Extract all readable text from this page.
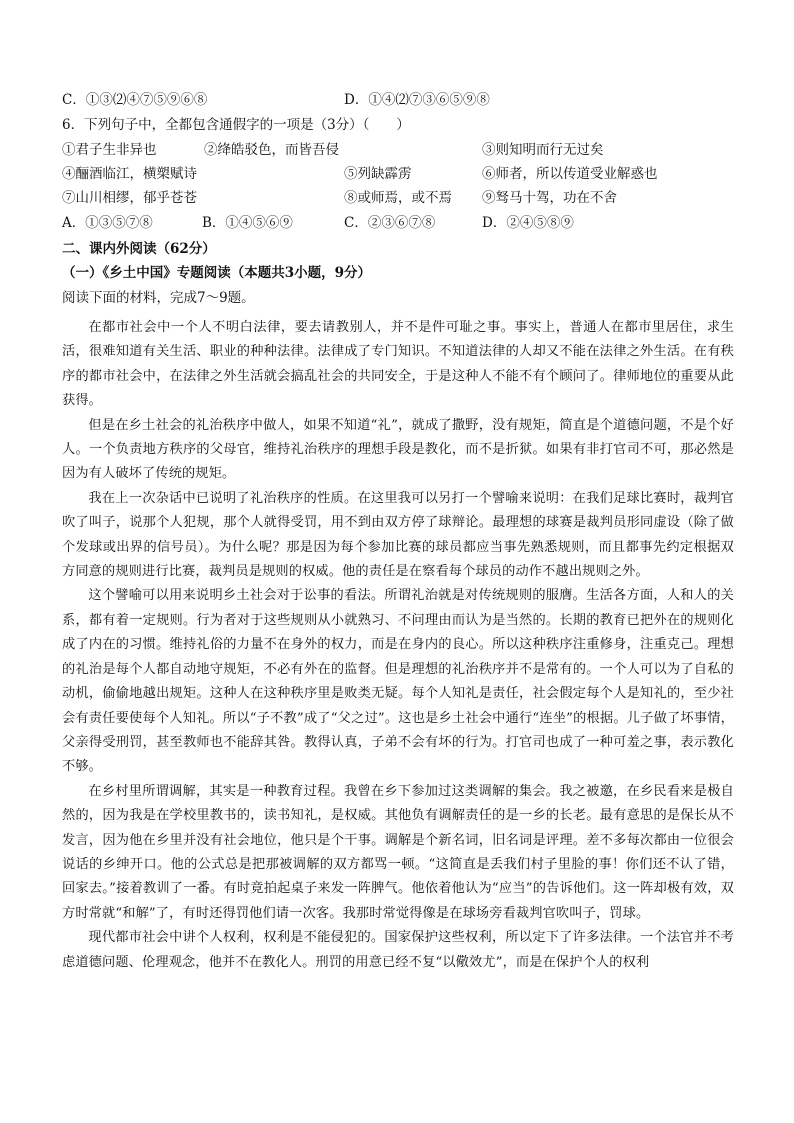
C．①③⑵④⑦⑤⑨⑥⑧	D．①④⑵⑦③⑥⑤⑨⑧
6．下列句子中，全都包含通假字的一项是（3分）（　　）
①君子生非异也	②绛皓驳色，而皆吾侵	③则知明而行无过矣
④酾酒临江，横槊赋诗	⑤列缺霹雳	⑥师者，所以传道受业解惑也
⑦山川相缪，郁乎苍苍	⑧或师焉，或不焉 ⑨驽马十驾，功在不舍
A．①③⑤⑦⑧	B．①④⑤⑥⑨	C．②③⑥⑦⑧	D．②④⑤⑧⑨
二、课内外阅读（62分）
（一）《乡土中国》专题阅读（本题共3小题，9分）
阅读下面的材料，完成7～9题。

在都市社会中一个人不明白法律，要去请教别人，并不是件可耻之事。事实上，普通人在都市里居住，求生活，很难知道有关生活、职业的种种法律。法律成了专门知识。不知道法律的人却又不能在法律之外生活。在有秩序的都市社会中，在法律之外生活就会搞乱社会的共同安全，于是这种人不能不有个顾问了。律师地位的重要从此获得。

但是在乡土社会的礼治秩序中做人，如果不知道“礼”，就成了撒野，没有规矩，简直是个道德问题，不是个好人。一个负责地方秩序的父母官，维持礼治秩序的理想手段是教化，而不是折狱。如果有非打官司不可，那必然是因为有人破坏了传统的规矩。

我在上一次杂话中已说明了礼治秩序的性质。在这里我可以另打一个譬喻来说明：在我们足球比赛时，裁判官吹了叫子，说那个人犯规，那个人就得受罚，用不到由双方停了球辩论。最理想的球赛是裁判员形同虚设（除了做个发球或出界的信号员）。为什么呢？那是因为每个参加比赛的球员都应当事先熟悉规则，而且都事先约定根据双方同意的规则进行比赛，裁判员是规则的权威。他的责任是在察看每个球员的动作不越出规则之外。

这个譬喻可以用来说明乡土社会对于讼事的看法。所谓礼治就是对传统规则的服膺。生活各方面，人和人的关系，都有着一定规则。行为者对于这些规则从小就熟习、不问理由而认为是当然的。长期的教育已把外在的规则化成了内在的习惯。维持礼俗的力量不在身外的权力，而是在身内的良心。所以这种秩序注重修身，注重克己。理想的礼治是每个人都自动地守规矩，不必有外在的监督。但是理想的礼治秩序并不是常有的。一个人可以为了自私的动机，偷偷地越出规矩。这种人在这种秩序里是败类无疑。每个人知礼是责任，社会假定每个人是知礼的，至少社会有责任要使每个人知礼。所以“子不教”成了“父之过”。这也是乡土社会中通行“连坐”的根据。儿子做了坏事情，父亲得受刑罚，甚至教师也不能辞其咎。教得认真，子弟不会有坏的行为。打官司也成了一种可羞之事，表示教化不够。

在乡村里所谓调解，其实是一种教育过程。我曾在乡下参加过这类调解的集会。我之被邀，在乡民看来是极自然的，因为我是在学校里教书的，读书知礼，是权威。其他负有调解责任的是一乡的长老。最有意思的是保长从不发言，因为他在乡里并没有社会地位，他只是个干事。调解是个新名词，旧名词是评理。差不多每次都由一位很会说话的乡绅开口。他的公式总是把那被调解的双方都骂一顿。“这简直是丢我们村子里脸的事！你们还不认了错，回家去。”接着教训了一番。有时竟拍起桌子来发一阵脾气。他依着他认为“应当”的告诉他们。这一阵却极有效，双方时常就“和解”了，有时还得罚他们请一次客。我那时常觉得像是在球场旁看裁判官吹叫子，罚球。

现代都市社会中讲个人权利，权利是不能侵犯的。国家保护这些权利，所以定下了许多法律。一个法官并不考虑道德问题、伦理观念，他并不在教化人。刑罚的用意已经不复“以儆效尤”，而是在保护个人的权利
